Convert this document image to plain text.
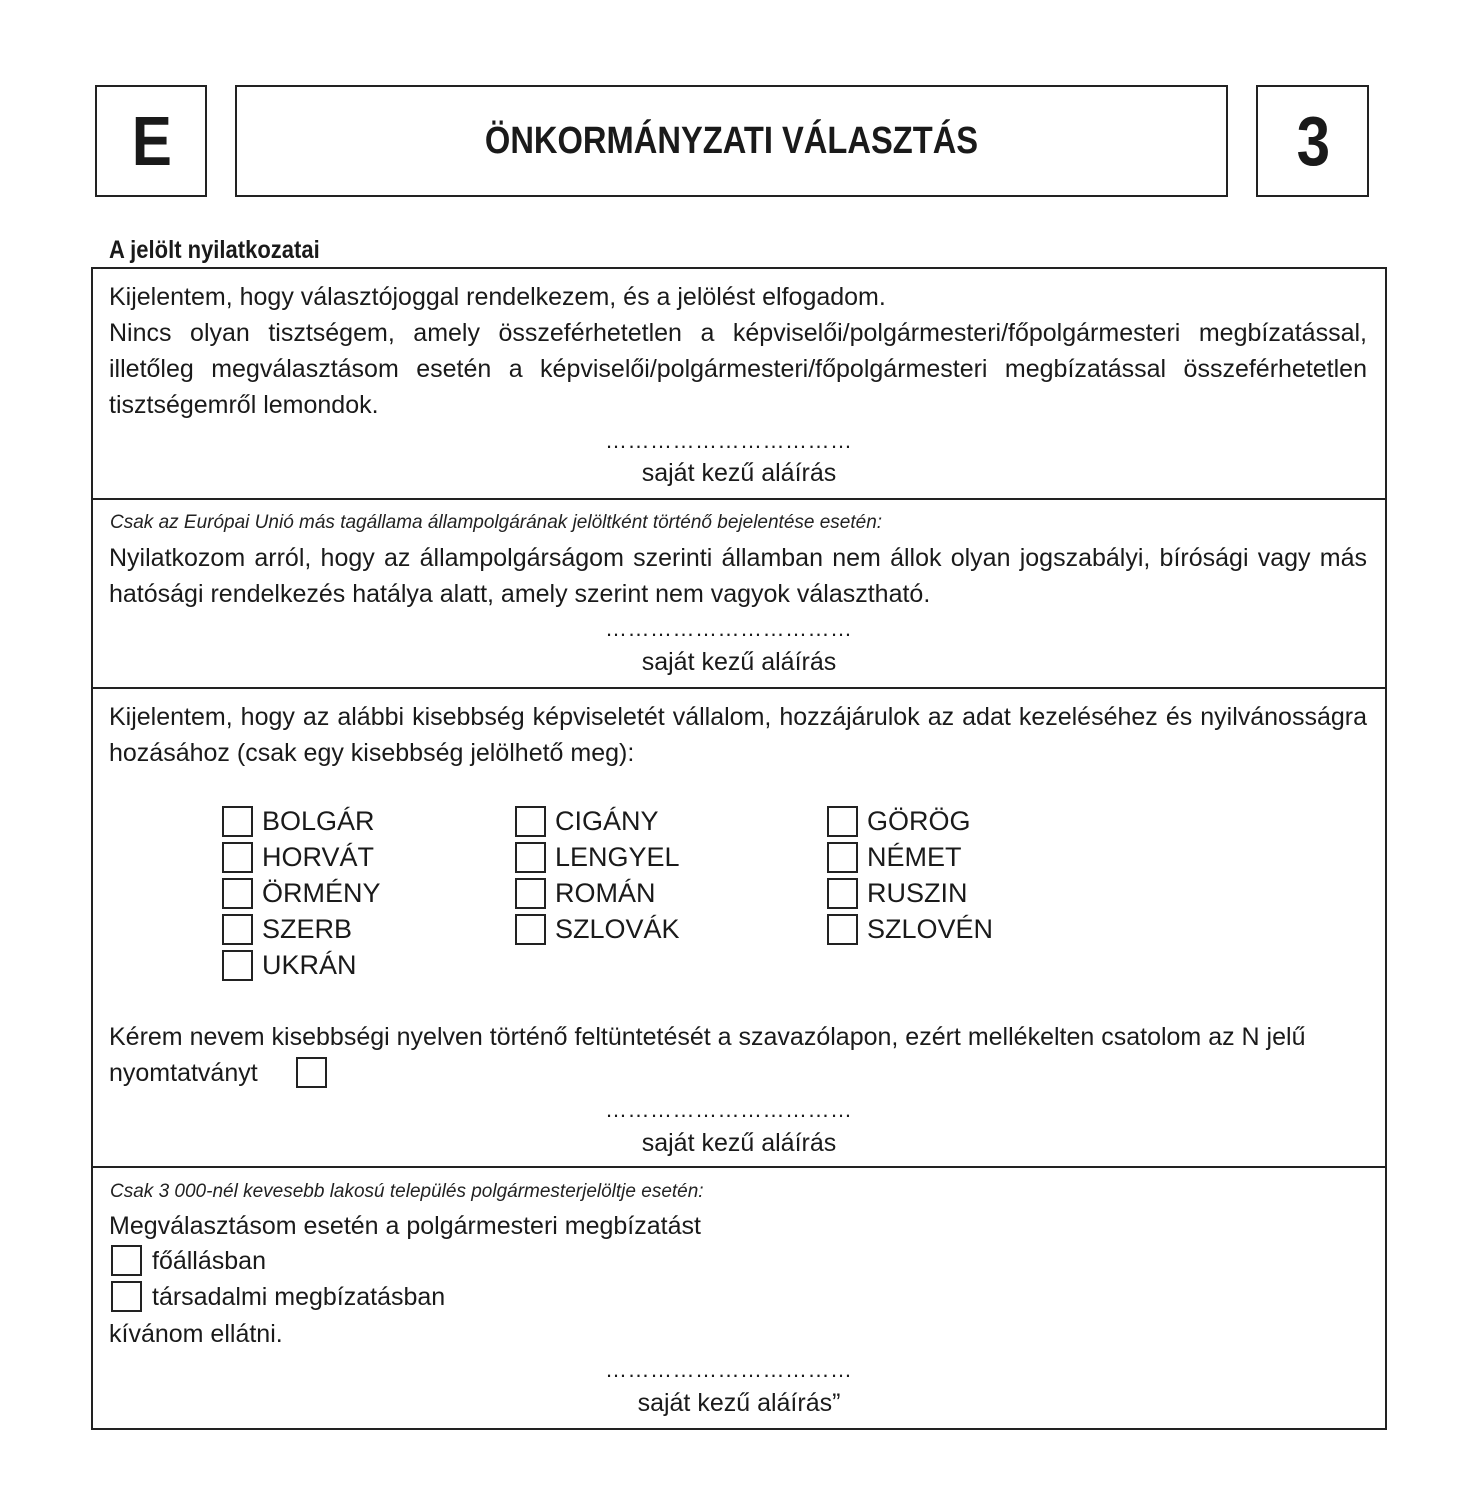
E	ÖNKORMÁNYZATI VÁLASZTÁS	3
A jelölt nyilatkozatai
Kijelentem, hogy választójoggal rendelkezem, és a jelölést elfogadom.

Nincs olyan tisztségem, amely összeférhetetlen a képviselői/polgármesteri/főpolgármesteri megbízatással, illetőleg megválasztásom esetén a képviselői/polgármesteri/főpolgármesteri megbízatással összeférhetetlen tisztségemről lemondok.

……………………………
saját kezű aláírás
Csak az Európai Unió más tagállama állampolgárának jelöltként történő bejelentése esetén:

Nyilatkozom arról, hogy az állampolgárságom szerinti államban nem állok olyan jogszabályi, bírósági vagy más hatósági rendelkezés hatálya alatt, amely szerint nem vagyok választható.

……………………………
saját kezű aláírás

Kijelentem, hogy az alábbi kisebbség képviseletét vállalom, hozzájárulok az adat kezeléséhez és nyilvánosságra hozásához (csak egy kisebbség jelölhető meg):

BOLGÁR
HORVÁT
ÖRMÉNY
SZERB
UKRÁN
CIGÁNY
LENGYEL
ROMÁN
SZLOVÁK
GÖRÖG
NÉMET
RUSZIN
SZLOVÉN
Kérem nevem kisebbségi nyelven történő feltüntetését a szavazólapon, ezért mellékelten csatolom az N jelű
nyomtatványt
……………………………
saját kezű aláírás
Csak 3 000-nél kevesebb lakosú település polgármesterjelöltje esetén:
Megválasztásom esetén a polgármesteri megbízatást
főállásban
társadalmi megbízatásban
kívánom ellátni.
……………………………
saját kezű aláírás”
